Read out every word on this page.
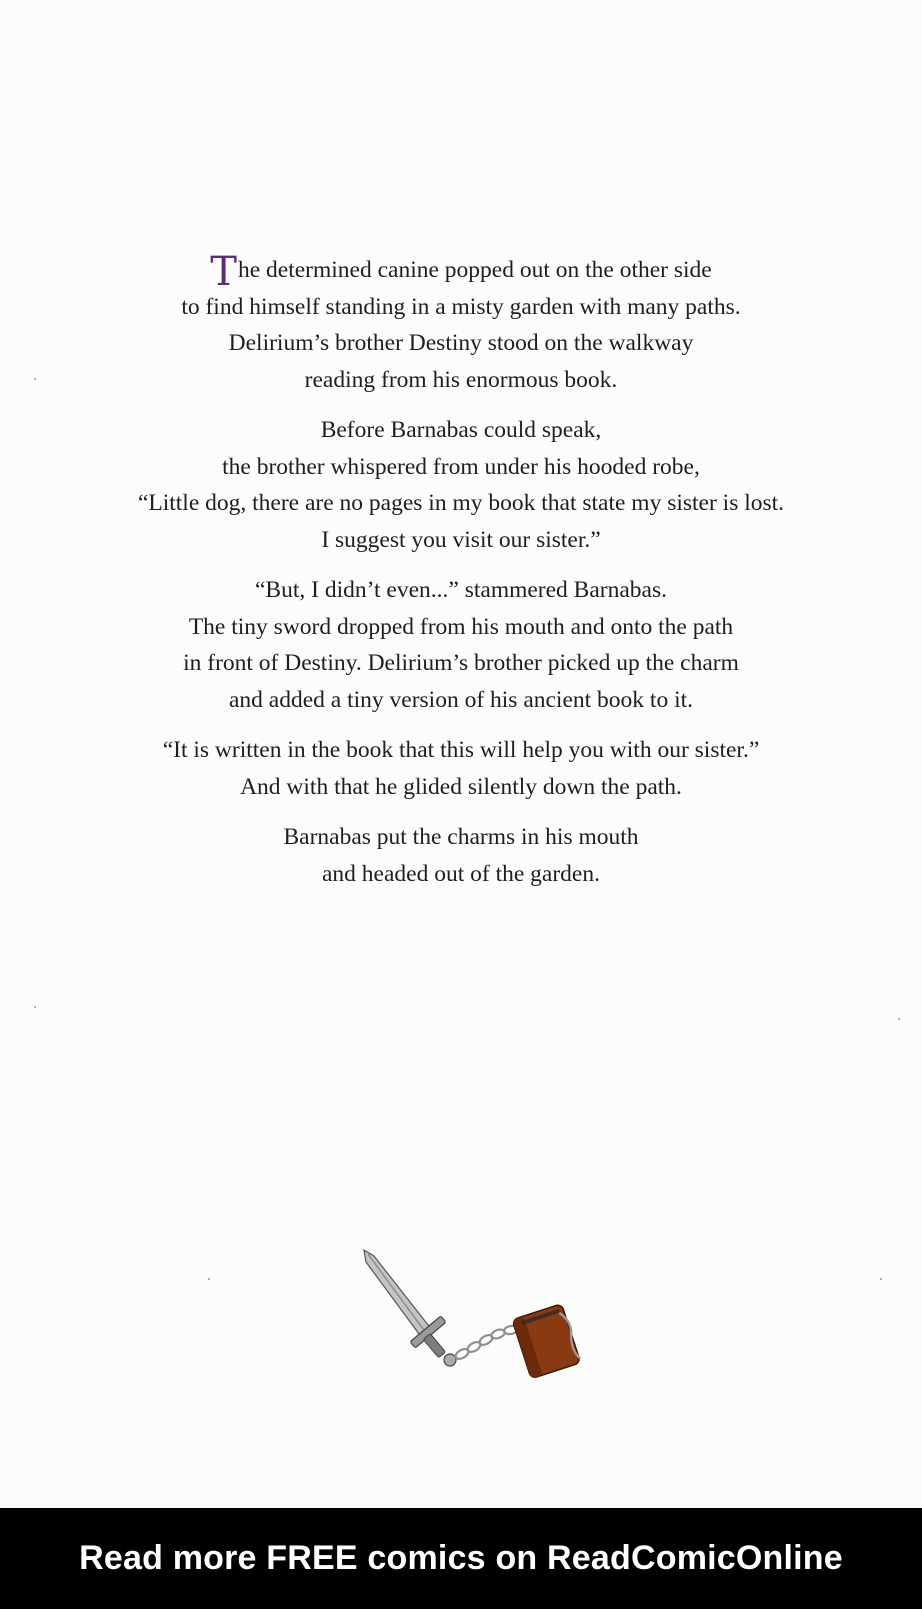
The determined canine popped out on the other side
to find himself standing in a misty garden with many paths.
Delirium’s brother Destiny stood on the walkway
reading from his enormous book.

Before Barnabas could speak,
the brother whispered from under his hooded robe,
“Little dog, there are no pages in my book that state my sister is lost.
I suggest you visit our sister.”

“But, I didn’t even...” stammered Barnabas.
The tiny sword dropped from his mouth and onto the path
in front of Destiny. Delirium’s brother picked up the charm
and added a tiny version of his ancient book to it.

“It is written in the book that this will help you with our sister.”
And with that he glided silently down the path.

Barnabas put the charms in his mouth
and headed out of the garden.

Read more FREE comics on ReadComicOnline
